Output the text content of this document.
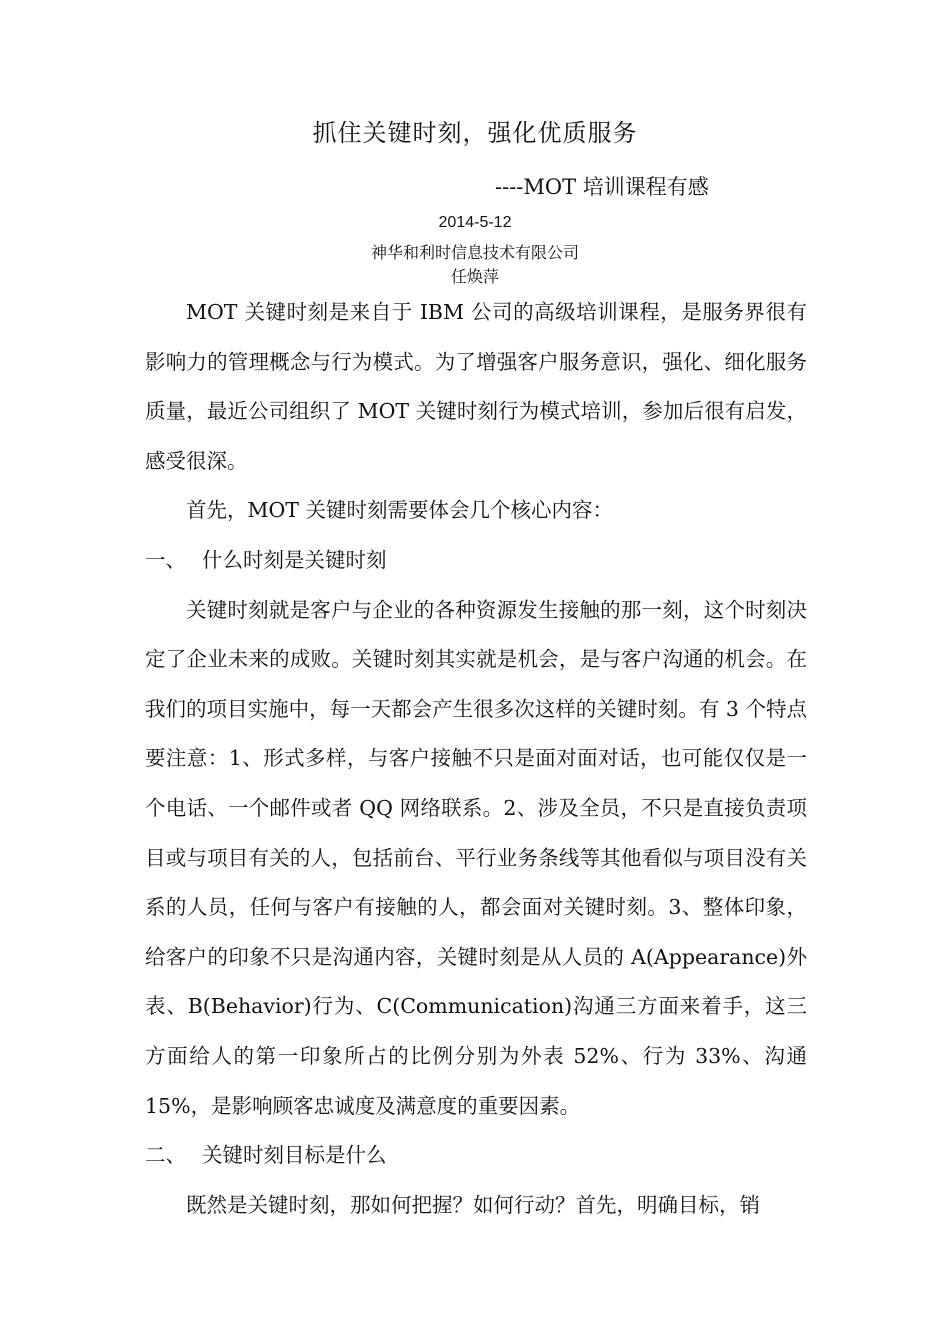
抓住关键时刻，强化优质服务
----MOT 培训课程有感
2014-5-12
神华和利时信息技术有限公司
任焕萍

MOT 关键时刻是来自于 IBM 公司的高级培训课程，是服务界很有影响力的管理概念与行为模式。为了增强客户服务意识，强化、细化服务质量，最近公司组织了 MOT 关键时刻行为模式培训，参加后很有启发，感受很深。

首先，MOT 关键时刻需要体会几个核心内容：

一、 什么时刻是关键时刻

关键时刻就是客户与企业的各种资源发生接触的那一刻，这个时刻决定了企业未来的成败。关键时刻其实就是机会，是与客户沟通的机会。在我们的项目实施中，每一天都会产生很多次这样的关键时刻。有 3 个特点要注意：1、形式多样，与客户接触不只是面对面对话，也可能仅仅是一个电话、一个邮件或者 QQ 网络联系。2、涉及全员，不只是直接负责项目或与项目有关的人，包括前台、平行业务条线等其他看似与项目没有关系的人员，任何与客户有接触的人，都会面对关键时刻。3、整体印象，给客户的印象不只是沟通内容，关键时刻是从人员的 A(Appearance)外表、B(Behavior)行为、C(Communication)沟通三方面来着手，这三方面给人的第一印象所占的比例分别为外表 52%、行为 33%、沟通 15%，是影响顾客忠诚度及满意度的重要因素。

二、 关键时刻目标是什么

既然是关键时刻，那如何把握？如何行动？首先，明确目标，销
